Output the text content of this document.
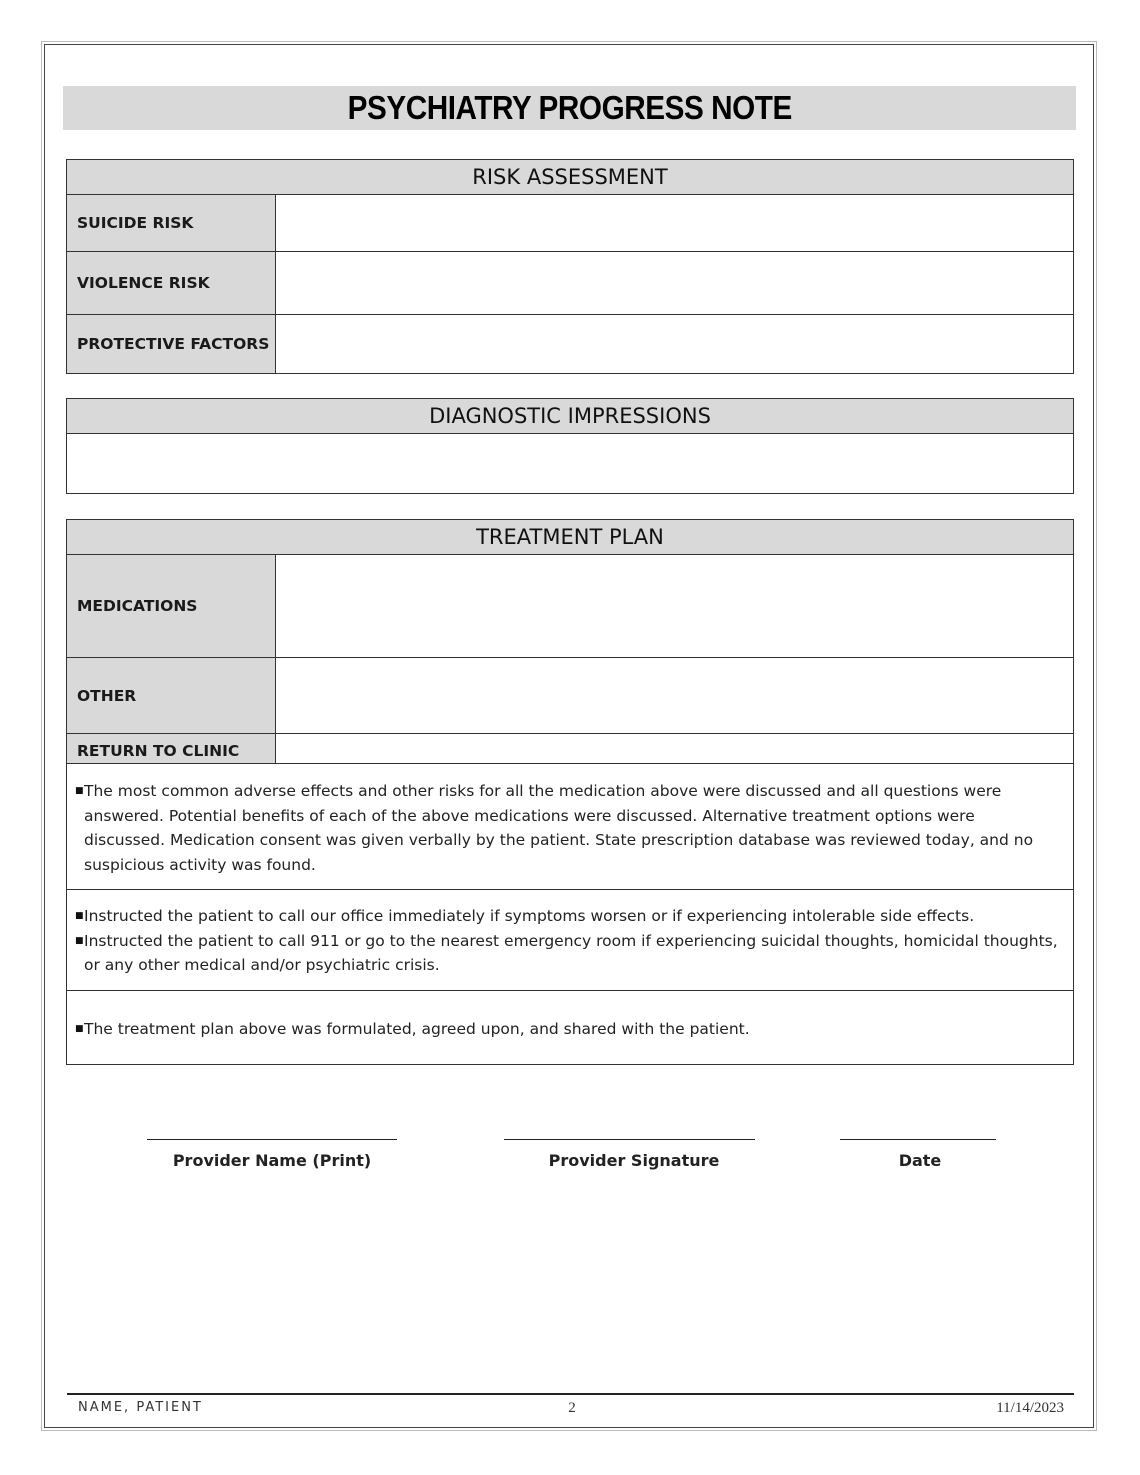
PSYCHIATRY PROGRESS NOTE
RISK ASSESSMENT
SUICIDE RISK
VIOLENCE RISK
PROTECTIVE FACTORS
DIAGNOSTIC IMPRESSIONS
TREATMENT PLAN
MEDICATIONS
OTHER
RETURN TO CLINIC
■ The most common adverse effects and other risks for all the medication above were discussed and all questions were answered. Potential benefits of each of the above medications were discussed. Alternative treatment options were discussed. Medication consent was given verbally by the patient. State prescription database was reviewed today, and no suspicious activity was found.
■ Instructed the patient to call our office immediately if symptoms worsen or if experiencing intolerable side effects.
■ Instructed the patient to call 911 or go to the nearest emergency room if experiencing suicidal thoughts, homicidal thoughts, or any other medical and/or psychiatric crisis.
■ The treatment plan above was formulated, agreed upon, and shared with the patient.
Provider Name (Print)	Provider Signature	Date
NAME, PATIENT	2	11/14/2023
